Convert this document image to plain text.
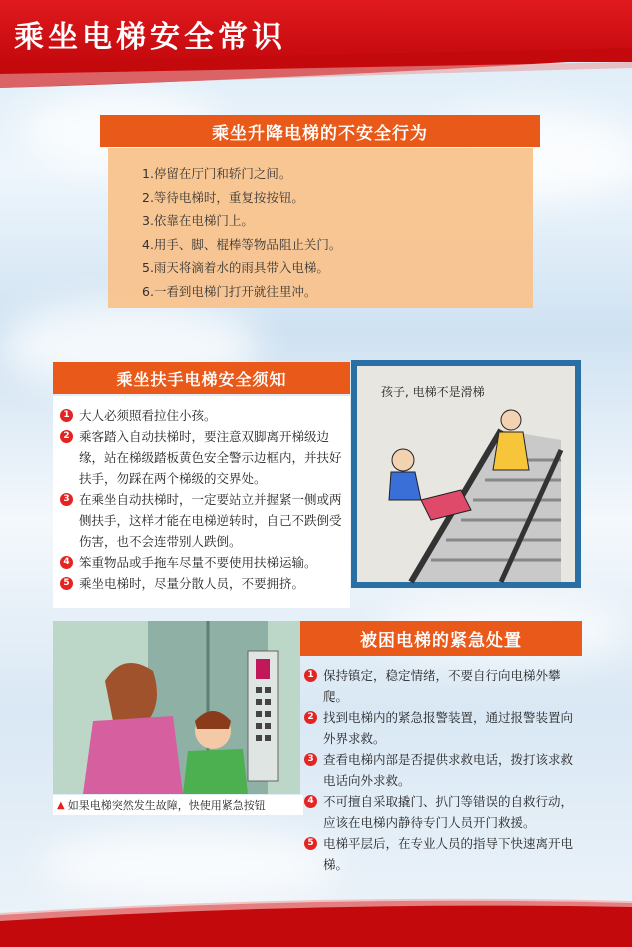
乘坐电梯安全常识
乘坐升降电梯的不安全行为
1.停留在厅门和轿门之间。
2.等待电梯时，重复按按钮。
3.依靠在电梯门上。
4.用手、脚、棍棒等物品阻止关门。
5.雨天将滴着水的雨具带入电梯。
6.一看到电梯门打开就往里冲。
乘坐扶手电梯安全须知
1 大人必须照看拉住小孩。
2 乘客踏入自动扶梯时，要注意双脚离开梯级边缘，站在梯级踏板黄色安全警示边框内，并扶好扶手，勿踩在两个梯级的交界处。
3 在乘坐自动扶梯时，一定要站立并握紧一侧或两侧扶手，这样才能在电梯逆转时，自己不跌倒受伤害，也不会连带别人跌倒。
4 笨重物品或手拖车尽量不要使用扶梯运输。
5 乘坐电梯时，尽量分散人员，不要拥挤。
孩子, 电梯不是滑梯
被困电梯的紧急处置
▲ 如果电梯突然发生故障，快使用紧急按钮
1 保持镇定，稳定情绪，不要自行向电梯外攀爬。
2 找到电梯内的紧急报警装置，通过报警装置向外界求救。
3 查看电梯内部是否提供求救电话，拨打该求救电话向外求救。
4 不可擅自采取撬门、扒门等错误的自救行动，应该在电梯内静待专门人员开门救援。
5 电梯平层后，在专业人员的指导下快速离开电梯。
